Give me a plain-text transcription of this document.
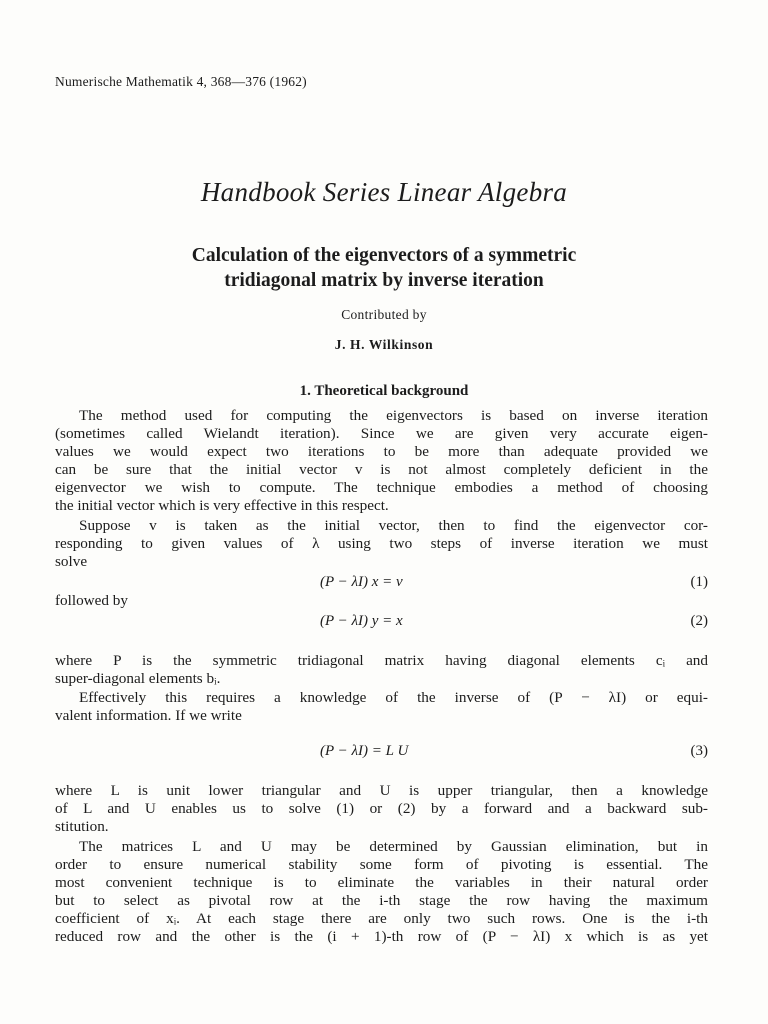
Numerische Mathematik 4, 368—376 (1962)
Handbook Series Linear Algebra
Calculation of the eigenvectors of a symmetric
tridiagonal matrix by inverse iteration
Contributed by
J. H. Wilkinson
1. Theoretical background
The method used for computing the eigenvectors is based on inverse iteration
(sometimes called Wielandt iteration). Since we are given very accurate eigen-
values we would expect two iterations to be more than adequate provided we
can be sure that the initial vector v is not almost completely deficient in the
eigenvector we wish to compute. The technique embodies a method of choosing
the initial vector which is very effective in this respect.
Suppose v is taken as the initial vector, then to find the eigenvector cor-
responding to given values of λ using two steps of inverse iteration we must
solve
(P − λI) x = v	(1)
followed by
(P − λI) y = x	(2)
where P is the symmetric tridiagonal matrix having diagonal elements cᵢ and
super-diagonal elements bᵢ.
Effectively this requires a knowledge of the inverse of (P − λI) or equi-
valent information. If we write
(P − λI) = L U	(3)
where L is unit lower triangular and U is upper triangular, then a knowledge
of L and U enables us to solve (1) or (2) by a forward and a backward sub-
stitution.
The matrices L and U may be determined by Gaussian elimination, but in
order to ensure numerical stability some form of pivoting is essential. The
most convenient technique is to eliminate the variables in their natural order
but to select as pivotal row at the i-th stage the row having the maximum
coefficient of xᵢ. At each stage there are only two such rows. One is the i-th
reduced row and the other is the (i + 1)-th row of (P − λI) x which is as yet
